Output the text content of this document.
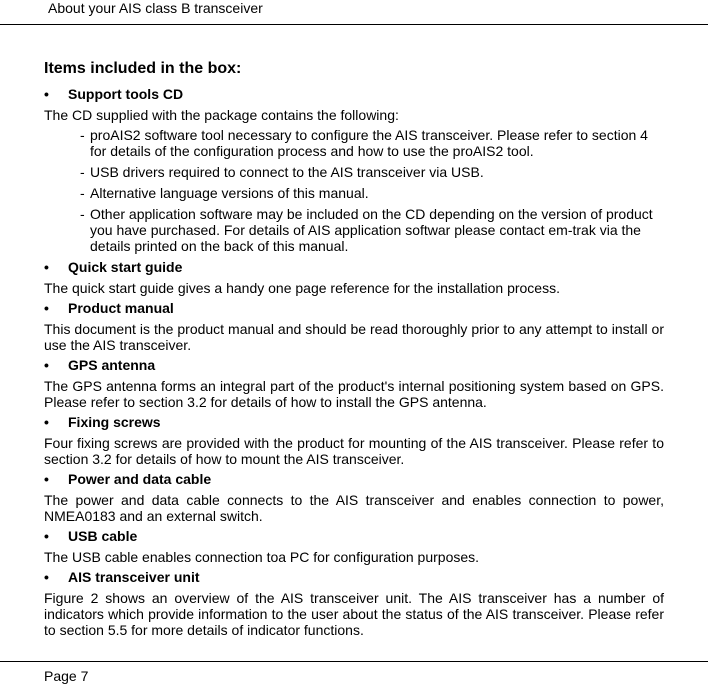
About your AIS class B transceiver
Items included in the box:
•	Support tools CD
The CD supplied with the package contains the following:
- proAIS2 software tool necessary to configure the AIS transceiver. Please refer to section 4 for details of the configuration process and how to use the proAIS2 tool.
- USB drivers required to connect to the AIS transceiver via USB.
- Alternative language versions of this manual.
- Other application software may be included on the CD depending on the version of product you have purchased. For details of AIS application softwar please contact em-trak via the details printed on the back of this manual.
•	Quick start guide
The quick start guide gives a handy one page reference for the installation process.
•	Product manual
This document is the product manual and should be read thoroughly prior to any attempt to install or use the AIS transceiver.
•	GPS antenna
The GPS antenna forms an integral part of the product's internal positioning system based on GPS. Please refer to section 3.2 for details of how to install the GPS antenna.
•	Fixing screws
Four fixing screws are provided with the product for mounting of the AIS transceiver. Please refer to section 3.2 for details of how to mount the AIS transceiver.
•	Power and data cable
The power and data cable connects to the AIS transceiver and enables connection to power, NMEA0183 and an external switch.
•	USB cable
The USB cable enables connection toa PC for configuration purposes.
•	AIS transceiver unit
Figure 2 shows an overview of the AIS transceiver unit. The AIS transceiver has a number of indicators which provide information to the user about the status of the AIS transceiver. Please refer to section 5.5 for more details of indicator functions.
Page 7
